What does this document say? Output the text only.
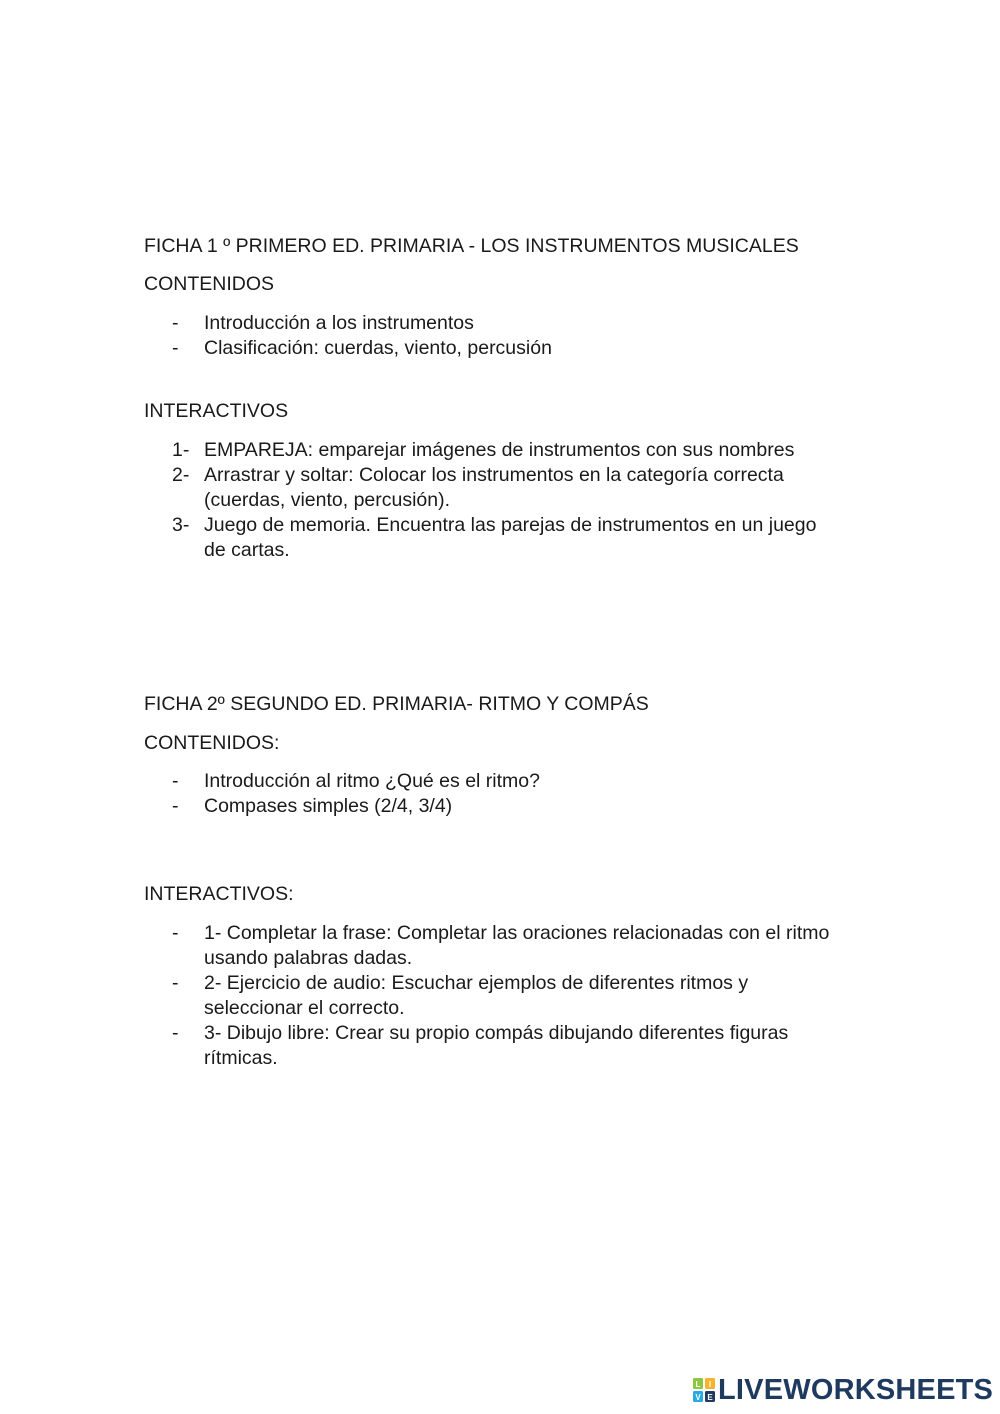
FICHA 1 º PRIMERO ED. PRIMARIA - LOS INSTRUMENTOS MUSICALES
CONTENIDOS
-	Introducción a los instrumentos
-	Clasificación: cuerdas, viento, percusión
INTERACTIVOS
1- EMPAREJA: emparejar imágenes de instrumentos con sus nombres
2- Arrastrar y soltar: Colocar los instrumentos en la categoría correcta
(cuerdas, viento, percusión).
3- Juego de memoria. Encuentra las parejas de instrumentos en un juego
de cartas.
FICHA 2º SEGUNDO ED. PRIMARIA- RITMO Y COMPÁS
CONTENIDOS:
-	Introducción al ritmo ¿Qué es el ritmo?
-	Compases simples (2/4, 3/4)
INTERACTIVOS:
-	1- Completar la frase: Completar las oraciones relacionadas con el ritmo
usando palabras dadas.
-	2- Ejercicio de audio: Escuchar ejemplos de diferentes ritmos y
seleccionar el correcto.
-	3- Dibujo libre: Crear su propio compás dibujando diferentes figuras
rítmicas.
L I
V E LIVEWORKSHEETS
